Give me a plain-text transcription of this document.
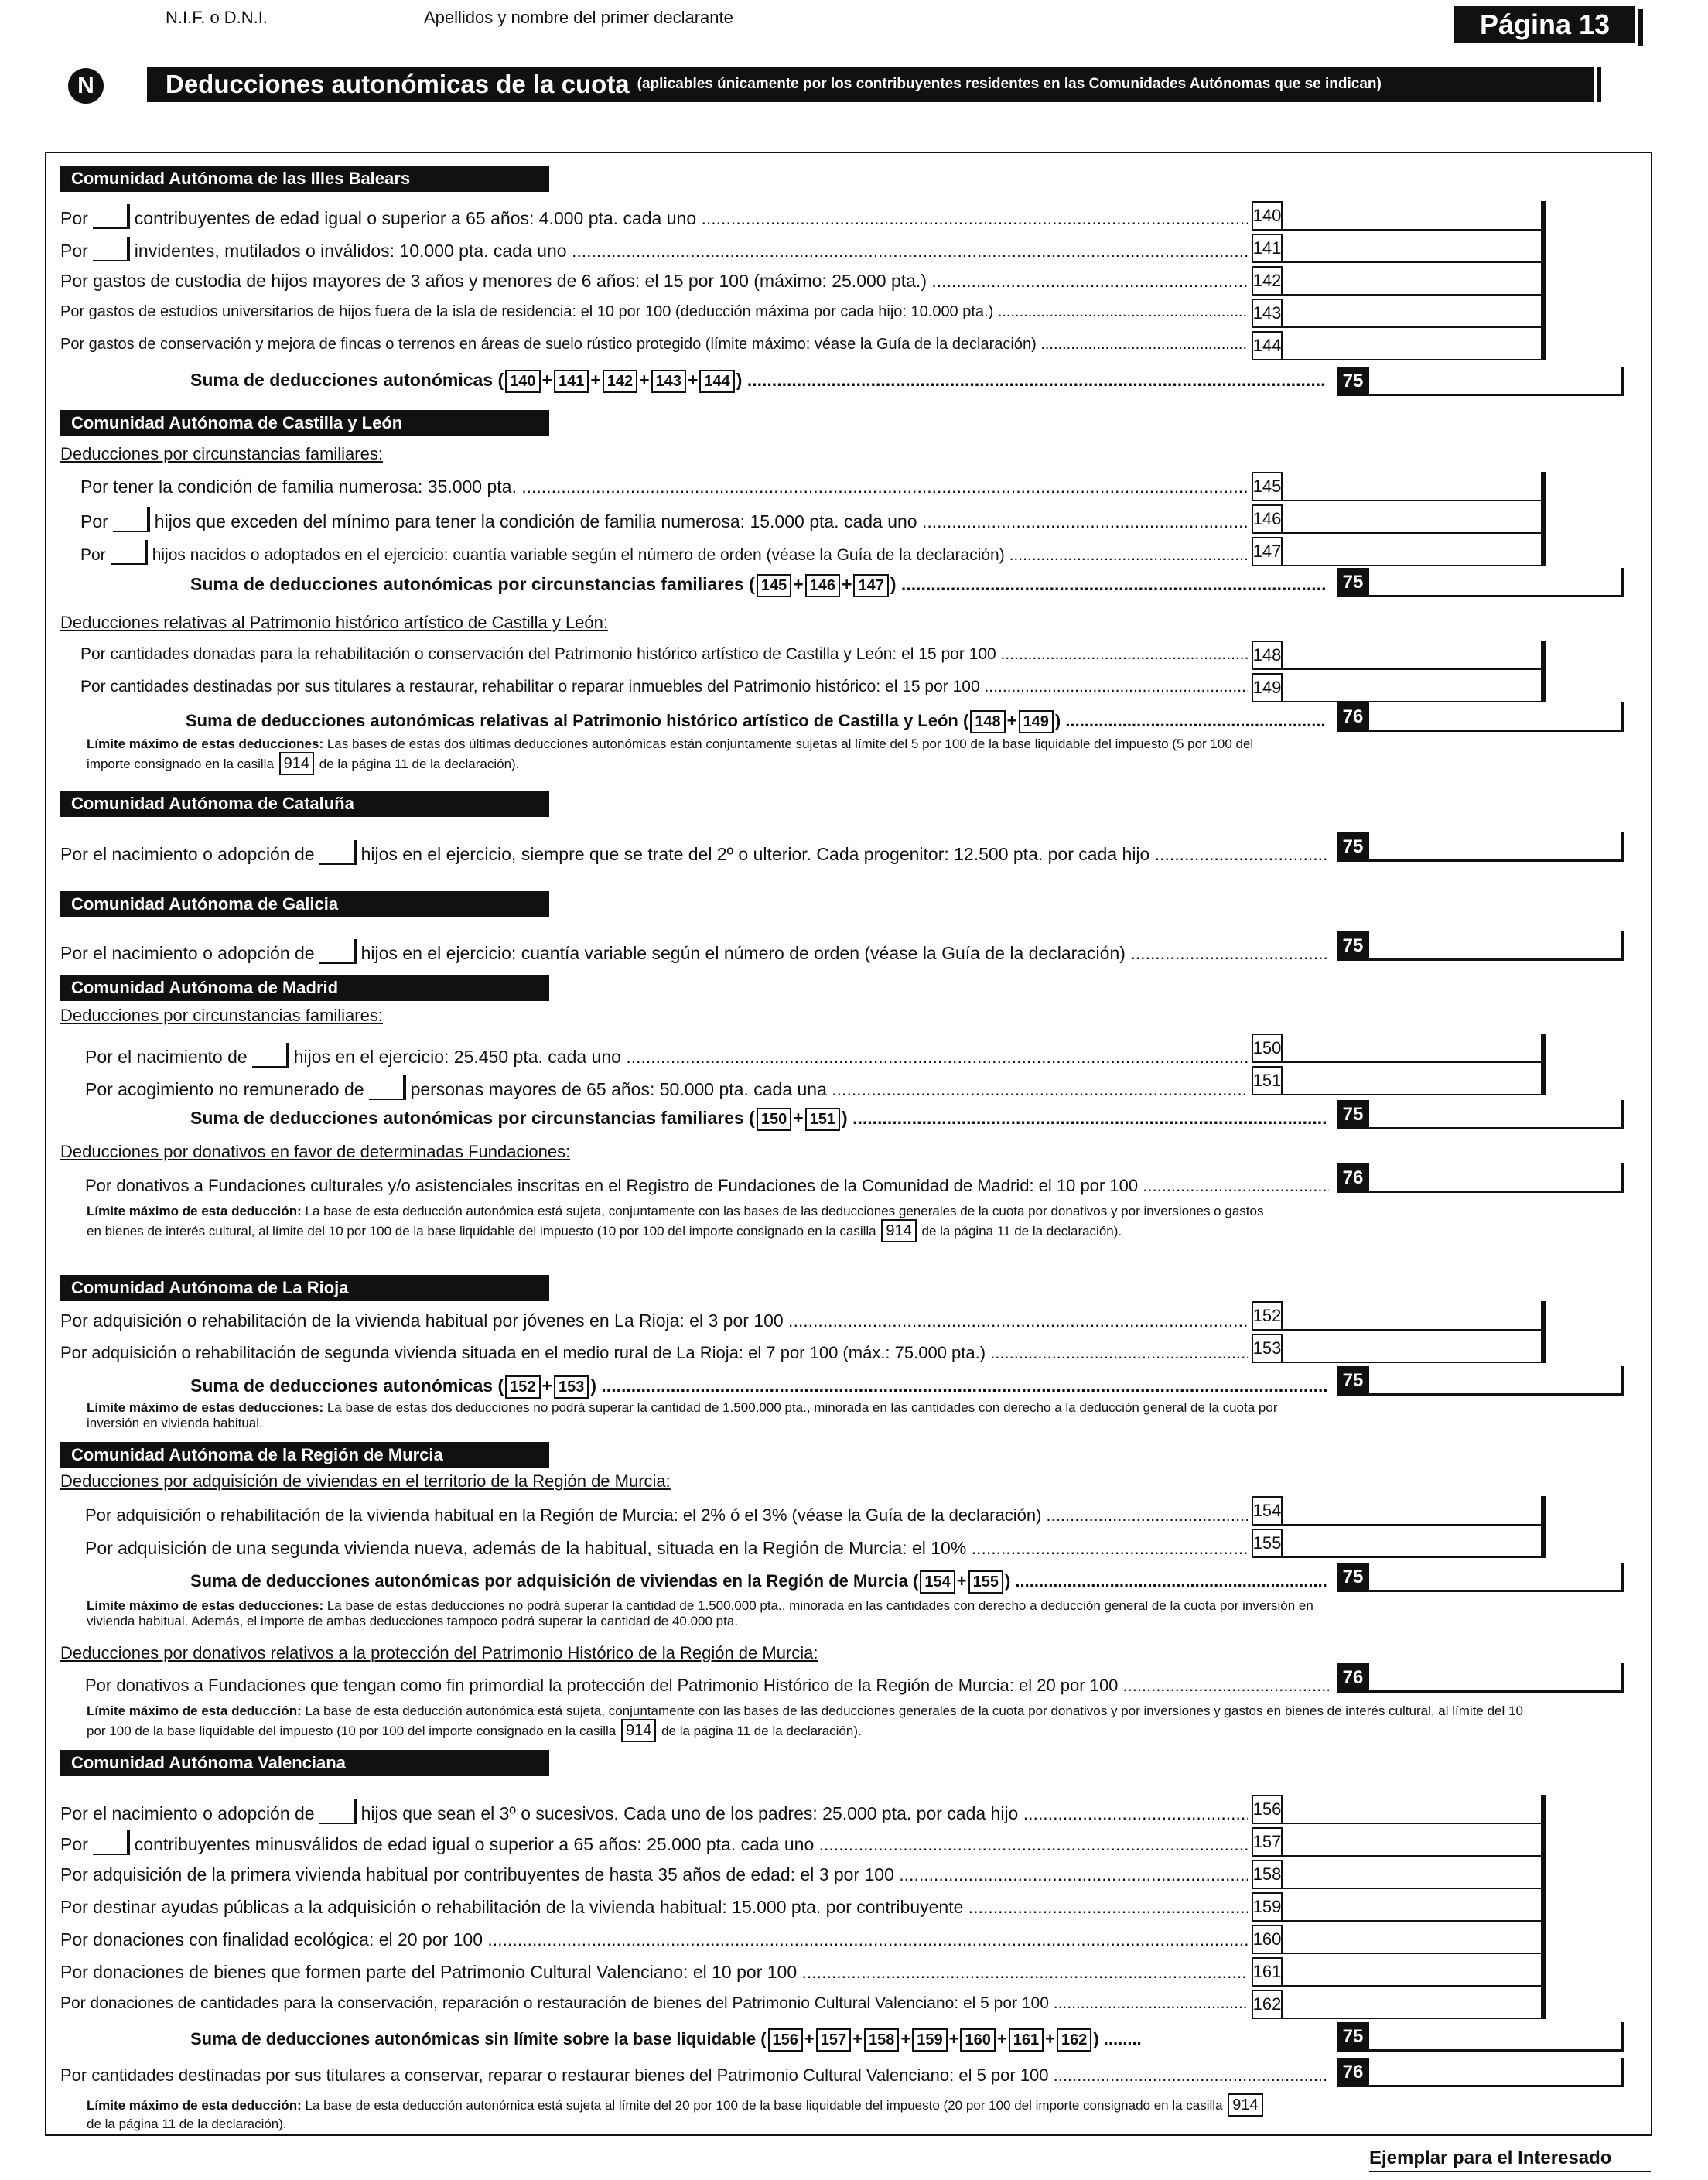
N.I.F. o D.N.I.	Apellidos y nombre del primer declarante	Página 13
N	Deducciones autonómicas de la cuota (aplicables únicamente por los contribuyentes residentes en las Comunidades Autónomas que se indican)
Comunidad Autónoma de las Illes Balears
Por	contribuyentes de edad igual o superior a 65 años: 4.000 pta. cada uno .....	140
Por	invidentes, mutilados o inválidos: 10.000 pta. cada uno .....	141
Por gastos de custodia de hijos mayores de 3 años y menores de 6 años: el 15 por 100 (máximo: 25.000 pta.) .....	142
Por gastos de estudios universitarios de hijos fuera de la isla de residencia: el 10 por 100 (deducción máxima por cada hijo: 10.000 pta.) .....	143
Por gastos de conservación y mejora de fincas o terrenos en áreas de suelo rústico protegido (límite máximo: véase la Guía de la declaración) .....	144
Suma de deducciones autonómicas ( 140 + 141 + 142 + 143 + 144 ) .....	75
Comunidad Autónoma de Castilla y León
Deducciones por circunstancias familiares:
Por tener la condición de familia numerosa: 35.000 pta. .....	145
Por	hijos que exceden del mínimo para tener la condición de familia numerosa: 15.000 pta. cada uno .....	146
Por	hijos nacidos o adoptados en el ejercicio: cuantía variable según el número de orden (véase la Guía de la declaración) .....	147
Suma de deducciones autonómicas por circunstancias familiares ( 145 + 146 + 147 ) .....	75
Deducciones relativas al Patrimonio histórico artístico de Castilla y León:
Por cantidades donadas para la rehabilitación o conservación del Patrimonio histórico artístico de Castilla y León: el 15 por 100 .....	148
Por cantidades destinadas por sus titulares a restaurar, rehabilitar o reparar inmuebles del Patrimonio histórico: el 15 por 100 .....	149
Suma de deducciones autonómicas relativas al Patrimonio histórico artístico de Castilla y León ( 148 + 149 ) .....	76
Límite máximo de estas deducciones: Las bases de estas dos últimas deducciones autonómicas están conjuntamente sujetas al límite del 5 por 100 de la base liquidable del impuesto (5 por 100 del importe consignado en la casilla 914 de la página 11 de la declaración).
Comunidad Autónoma de Cataluña
Por el nacimiento o adopción de	hijos en el ejercicio, siempre que se trate del 2º o ulterior. Cada progenitor: 12.500 pta. por cada hijo .....	75
Comunidad Autónoma de Galicia
Por el nacimiento o adopción de	hijos en el ejercicio: cuantía variable según el número de orden (véase la Guía de la declaración) .....	75
Comunidad Autónoma de Madrid
Deducciones por circunstancias familiares:
Por el nacimiento de	hijos en el ejercicio: 25.450 pta. cada uno .....	150
Por acogimiento no remunerado de	personas mayores de 65 años: 50.000 pta. cada una .....	151
Suma de deducciones autonómicas por circunstancias familiares ( 150 + 151 ) .....	75
Deducciones por donativos en favor de determinadas Fundaciones:
Por donativos a Fundaciones culturales y/o asistenciales inscritas en el Registro de Fundaciones de la Comunidad de Madrid: el 10 por 100 .....	76
Límite máximo de esta deducción: La base de esta deducción autonómica está sujeta, conjuntamente con las bases de las deducciones generales de la cuota por donativos y por inversiones o gastos en bienes de interés cultural, al límite del 10 por 100 de la base liquidable del impuesto (10 por 100 del importe consignado en la casilla 914 de la página 11 de la declaración).
Comunidad Autónoma de La Rioja
Por adquisición o rehabilitación de la vivienda habitual por jóvenes en La Rioja: el 3 por 100 .....	152
Por adquisición o rehabilitación de segunda vivienda situada en el medio rural de La Rioja: el 7 por 100 (máx.: 75.000 pta.) .....	153
Suma de deducciones autonómicas ( 152 + 153 ) .....	75
Límite máximo de estas deducciones: La base de estas dos deducciones no podrá superar la cantidad de 1.500.000 pta., minorada en las cantidades con derecho a la deducción general de la cuota por inversión en vivienda habitual.
Comunidad Autónoma de la Región de Murcia
Deducciones por adquisición de viviendas en el territorio de la Región de Murcia:
Por adquisición o rehabilitación de la vivienda habitual en la Región de Murcia: el 2% ó el 3% (véase la Guía de la declaración) .....	154
Por adquisición de una segunda vivienda nueva, además de la habitual, situada en la Región de Murcia: el 10% .....	155
Suma de deducciones autonómicas por adquisición de viviendas en la Región de Murcia ( 154 + 155 ) .....	75
Límite máximo de estas deducciones: La base de estas deducciones no podrá superar la cantidad de 1.500.000 pta., minorada en las cantidades con derecho a deducción general de la cuota por inversión en vivienda habitual. Además, el importe de ambas deducciones tampoco podrá superar la cantidad de 40.000 pta.
Deducciones por donativos relativos a la protección del Patrimonio Histórico de la Región de Murcia:
Por donativos a Fundaciones que tengan como fin primordial la protección del Patrimonio Histórico de la Región de Murcia: el 20 por 100 .....	76
Límite máximo de esta deducción: La base de esta deducción autonómica está sujeta, conjuntamente con las bases de las deducciones generales de la cuota por donativos y por inversiones y gastos en bienes de interés cultural, al límite del 10 por 100 de la base liquidable del impuesto (10 por 100 del importe consignado en la casilla 914 de la página 11 de la declaración).
Comunidad Autónoma Valenciana
Por el nacimiento o adopción de	hijos que sean el 3º o sucesivos. Cada uno de los padres: 25.000 pta. por cada hijo .....	156
Por	contribuyentes minusválidos de edad igual o superior a 65 años: 25.000 pta. cada uno .....	157
Por adquisición de la primera vivienda habitual por contribuyentes de hasta 35 años de edad: el 3 por 100 .....	158
Por destinar ayudas públicas a la adquisición o rehabilitación de la vivienda habitual: 15.000 pta. por contribuyente .....	159
Por donaciones con finalidad ecológica: el 20 por 100 .....	160
Por donaciones de bienes que formen parte del Patrimonio Cultural Valenciano: el 10 por 100 .....	161
Por donaciones de cantidades para la conservación, reparación o restauración de bienes del Patrimonio Cultural Valenciano: el 5 por 100 .....	162
Suma de deducciones autonómicas sin límite sobre la base liquidable ( 156 + 157 + 158 + 159 + 160 + 161 + 162 ) ........	75
Por cantidades destinadas por sus titulares a conservar, reparar o restaurar bienes del Patrimonio Cultural Valenciano: el 5 por 100 .....	76
Límite máximo de esta deducción: La base de esta deducción autonómica está sujeta al límite del 20 por 100 de la base liquidable del impuesto (20 por 100 del importe consignado en la casilla 914 de la página 11 de la declaración).
Ejemplar para el Interesado
